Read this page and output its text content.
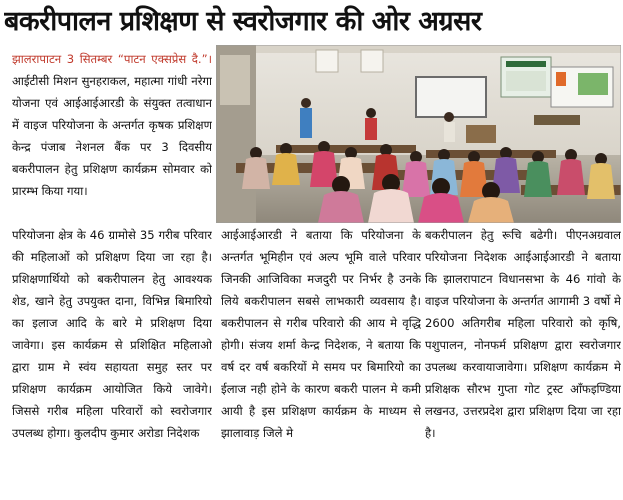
बकरीपालन प्रशिक्षण से स्वरोजगार की ओर अग्रसर

झालरापाटन 3 सितम्बर “पाटन एक्सप्रेस दै.”। आईटीसी मिशन सुनहराकल, महात्मा गांधी नरेगा योजना एवं आईआईआरडी के संयुक्त तत्वाधान में वाइज परियोजना के अन्तर्गत कृषक प्रशिक्षण केन्द्र पंजाब नेशनल बैंक पर 3 दिवसीय बकरीपालन हेतु प्रशिक्षण कार्यक्रम सोमवार को प्रारम्भ किया गया।

परियोजना क्षेत्र के 46 ग्रामोसे 35 गरीब परिवार की महिलाओं को प्रशिक्षण दिया जा रहा है। प्रशिक्षणार्थियो को बकरीपालन हेतु आवश्यक शेड, खाने हेतु उपयुक्त दाना, विभिन्न बिमारियो का इलाज आदि के बारे मे प्रशिक्षण दिया जावेगा। इस कार्यक्रम से प्रशिक्षित महिलाओ द्वारा ग्राम मे स्वंय सहायता समुह स्तर पर प्रशिक्षण कार्यक्रम आयोजित किये जावेगे। जिससे गरीब महिला परिवारों को स्वरोजगार उपलब्ध होगा। कुलदीप कुमार अरोडा निदेशक

आईआईआरडी ने बताया कि परियोजना के अन्तर्गत भूमिहीन एवं अल्प भूमि वाले परिवार जिनकी आजिविका मजदुरी पर निर्भर है उनके लिये बकरीपालन सबसे लाभकारी व्यवसाय है। बकरीपालन से गरीब परिवारो की आय मे वृद्धि होगी। संजय शर्मा केन्द्र निदेशक, ने बताया कि वर्ष दर वर्ष बकरियों मे समय पर बिमारियो का ईलाज नही होने के कारण बकरी पालन मे कमी आयी है इस प्रशिक्षण कार्यक्रम के माध्यम से झालावाड़ जिले मे

बकरीपालन हेतु रूचि बढेगी। पीएनअग्रवाल परियोजना निदेशक आईआईआरडी ने बताया कि झालरापाटन विधानसभा के 46 गांवो के वाइज परियोजना के अन्तर्गत आगामी 3 वर्षो मे 2600 अतिगरीब महिला परिवारो को कृषि, पशुपालन, नोनफर्म प्रशिक्षण द्वारा स्वरोजगार उपलब्ध करवायाजावेगा। प्रशिक्षण कार्यक्रम मे प्रशिक्षक सौरभ गुप्ता गोट ट्रस्ट आँफइण्डिया लखनउ, उत्तरप्रदेश द्वारा प्रशिक्षण दिया जा रहा है।
